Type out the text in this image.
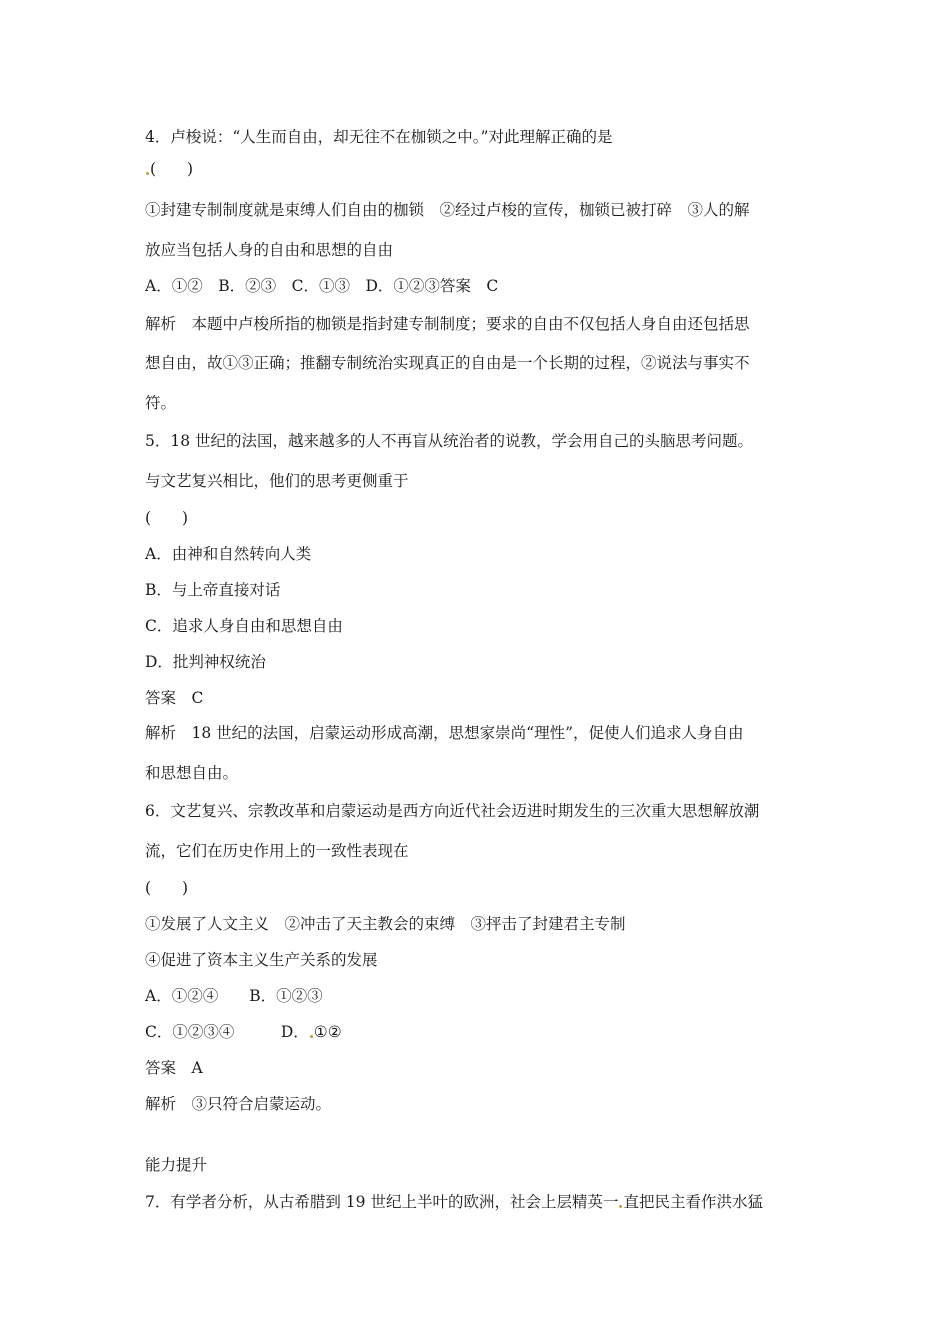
4．卢梭说：“人生而自由，却无往不在枷锁之中。”对此理解正确的是
(　　)
①封建专制制度就是束缚人们自由的枷锁　②经过卢梭的宣传，枷锁已被打碎　③人的解
放应当包括人身的自由和思想的自由
A．①②　B．②③　C．①③　D．①②③答案　C
解析　本题中卢梭所指的枷锁是指封建专制制度；要求的自由不仅包括人身自由还包括思
想自由，故①③正确；推翻专制统治实现真正的自由是一个长期的过程，②说法与事实不
符。
5．18 世纪的法国，越来越多的人不再盲从统治者的说教，学会用自己的头脑思考问题。
与文艺复兴相比，他们的思考更侧重于
(　　)
A．由神和自然转向人类
B．与上帝直接对话
C．追求人身自由和思想自由
D．批判神权统治
答案　C
解析　18 世纪的法国，启蒙运动形成高潮，思想家崇尚“理性”，促使人们追求人身自由
和思想自由。
6．文艺复兴、宗教改革和启蒙运动是西方向近代社会迈进时期发生的三次重大思想解放潮
流，它们在历史作用上的一致性表现在
(　　)
①发展了人文主义　②冲击了天主教会的束缚　③抨击了封建君主专制
④促进了资本主义生产关系的发展
A．①②④　　B．①②③
C．①②③④　　　D． ①②
答案　A
解析　③只符合启蒙运动。
能力提升
7．有学者分析，从古希腊到 19 世纪上半叶的欧洲，社会上层精英一 直把民主看作洪水猛
